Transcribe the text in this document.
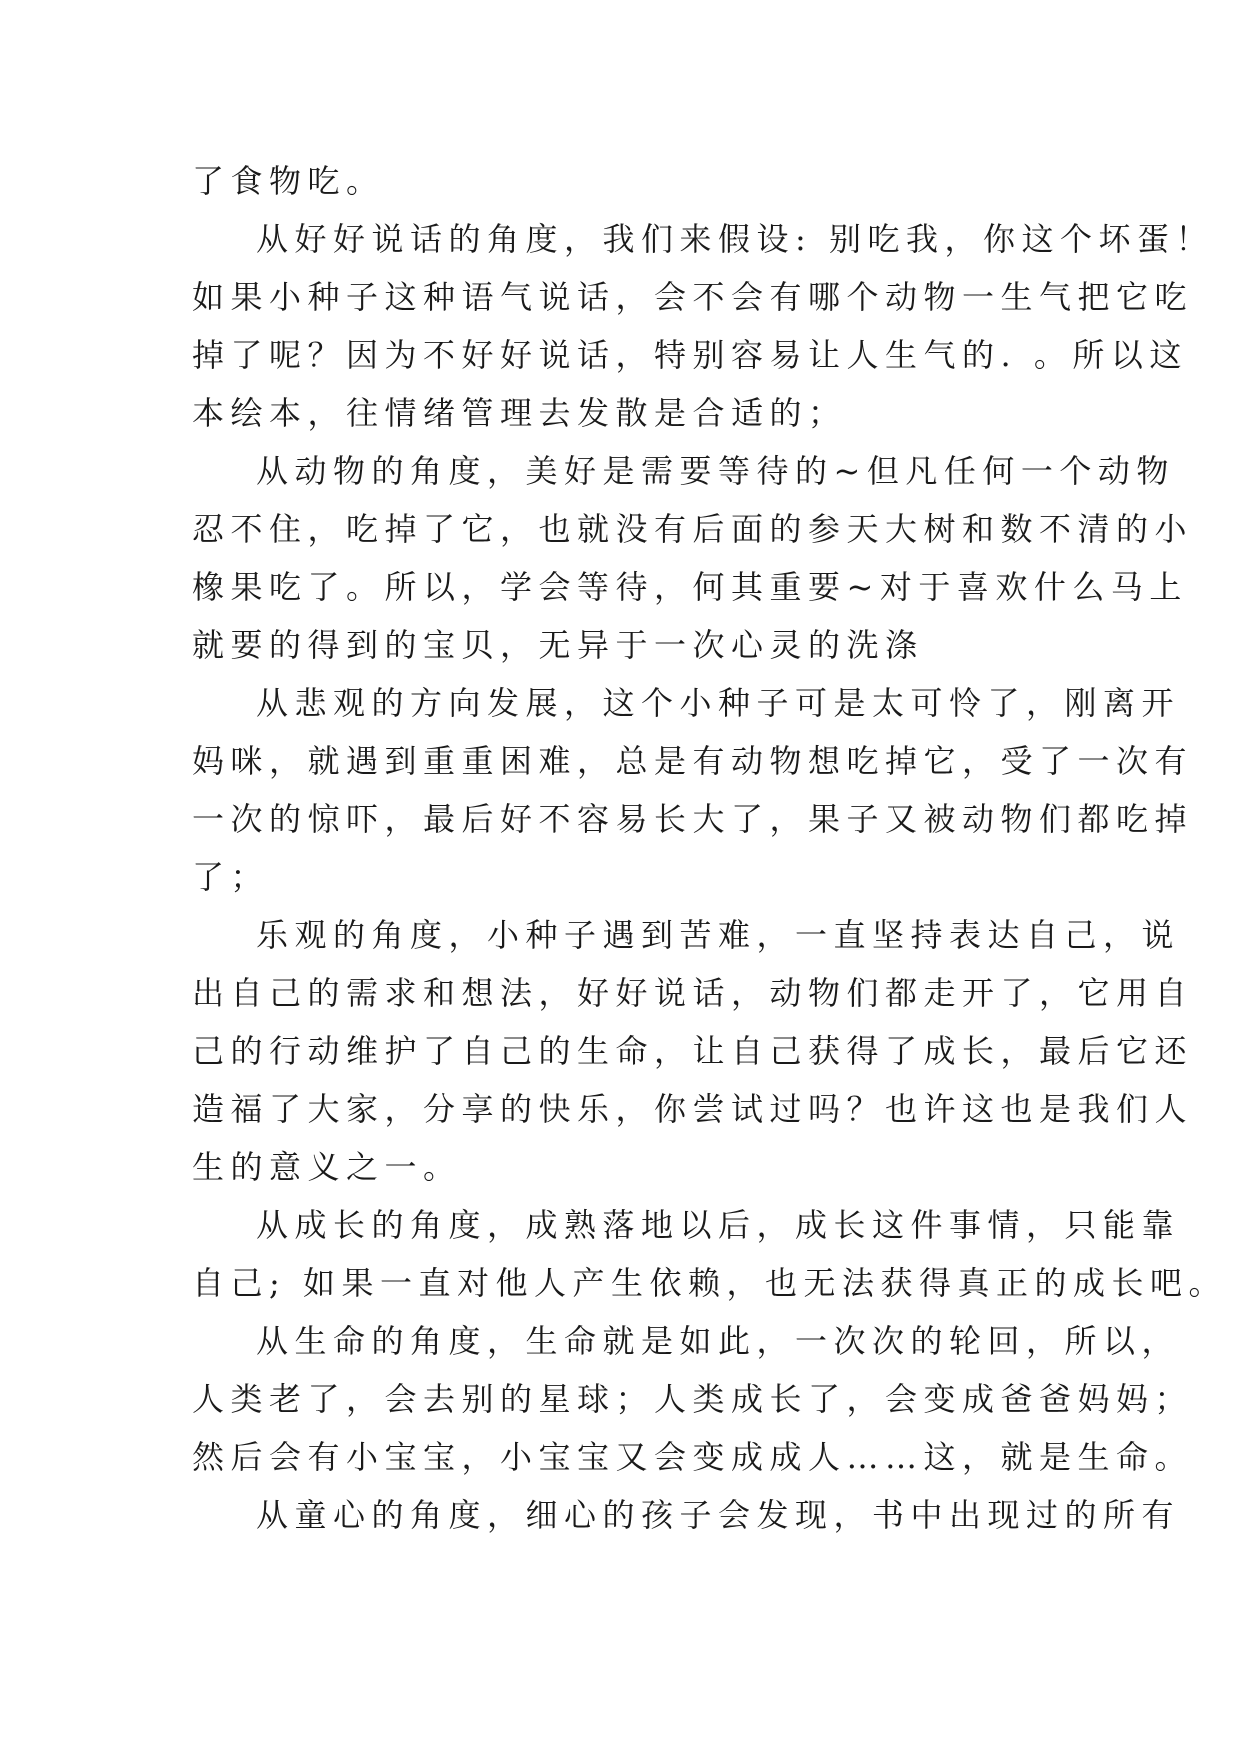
了食物吃。
从好好说话的角度，我们来假设: 别吃我，你这个坏蛋！
如果小种子这种语气说话，会不会有哪个动物一生气把它吃
掉了呢？因为不好好说话，特别容易让人生气的. 。所以这
本绘本，往情绪管理去发散是合适的；
从动物的角度，美好是需要等待的~但凡任何一个动物
忍不住，吃掉了它，也就没有后面的参天大树和数不清的小
橡果吃了。所以，学会等待，何其重要~对于喜欢什么马上
就要的得到的宝贝，无异于一次心灵的洗涤
从悲观的方向发展，这个小种子可是太可怜了，刚离开
妈咪，就遇到重重困难，总是有动物想吃掉它，受了一次有
一次的惊吓，最后好不容易长大了，果子又被动物们都吃掉
了；
乐观的角度，小种子遇到苦难，一直坚持表达自己，说
出自己的需求和想法，好好说话，动物们都走开了，它用自
己的行动维护了自己的生命，让自己获得了成长，最后它还
造福了大家，分享的快乐，你尝试过吗？也许这也是我们人
生的意义之一。
从成长的角度，成熟落地以后，成长这件事情，只能靠
自己; 如果一直对他人产生依赖，也无法获得真正的成长吧。
从生命的角度，生命就是如此，一次次的轮回，所以，
人类老了，会去别的星球；人类成长了，会变成爸爸妈妈；
然后会有小宝宝，小宝宝又会变成成人……这，就是生命。
从童心的角度，细心的孩子会发现，书中出现过的所有
